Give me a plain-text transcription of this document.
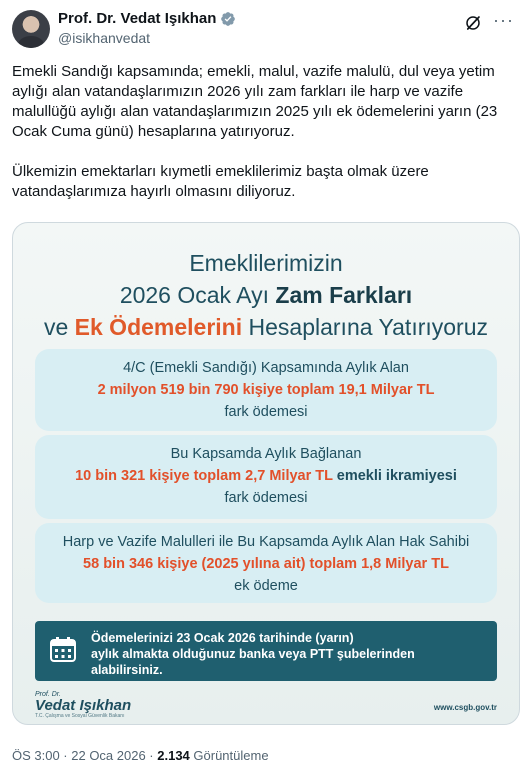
Prof. Dr. Vedat Işıkhan
@isikhanvedat
···

Emekli Sandığı kapsamında; emekli, malul, vazife malulü, dul veya yetim aylığı alan vatandaşlarımızın 2026 yılı zam farkları ile harp ve vazife malullüğü aylığı alan vatandaşlarımızın 2025 yılı ek ödemelerini yarın (23 Ocak Cuma günü) hesaplarına yatırıyoruz.

Ülkemizin emektarları kıymetli emeklilerimiz başta olmak üzere vatandaşlarımıza hayırlı olmasını diliyoruz.

Emeklilerimizin
2026 Ocak Ayı Zam Farkları
ve Ek Ödemelerini Hesaplarına Yatırıyoruz
4/C (Emekli Sandığı) Kapsamında Aylık Alan
2 milyon 519 bin 790 kişiye toplam 19,1 Milyar TL
fark ödemesi
Bu Kapsamda Aylık Bağlanan
10 bin 321 kişiye toplam 2,7 Milyar TL emekli ikramiyesi
fark ödemesi
Harp ve Vazife Malulleri ile Bu Kapsamda Aylık Alan Hak Sahibi
58 bin 346 kişiye (2025 yılına ait) toplam 1,8 Milyar TL
ek ödeme
Ödemelerinizi 23 Ocak 2026 tarihinde (yarın)
aylık almakta olduğunuz banka veya PTT şubelerinden
alabilirsiniz.
Prof. Dr.
Vedat Işıkhan
T.C. Çalışma ve Sosyal Güvenlik Bakanı
www.csgb.gov.tr
ÖS 3:00 · 22 Oca 2026 · 2.134 Görüntüleme
